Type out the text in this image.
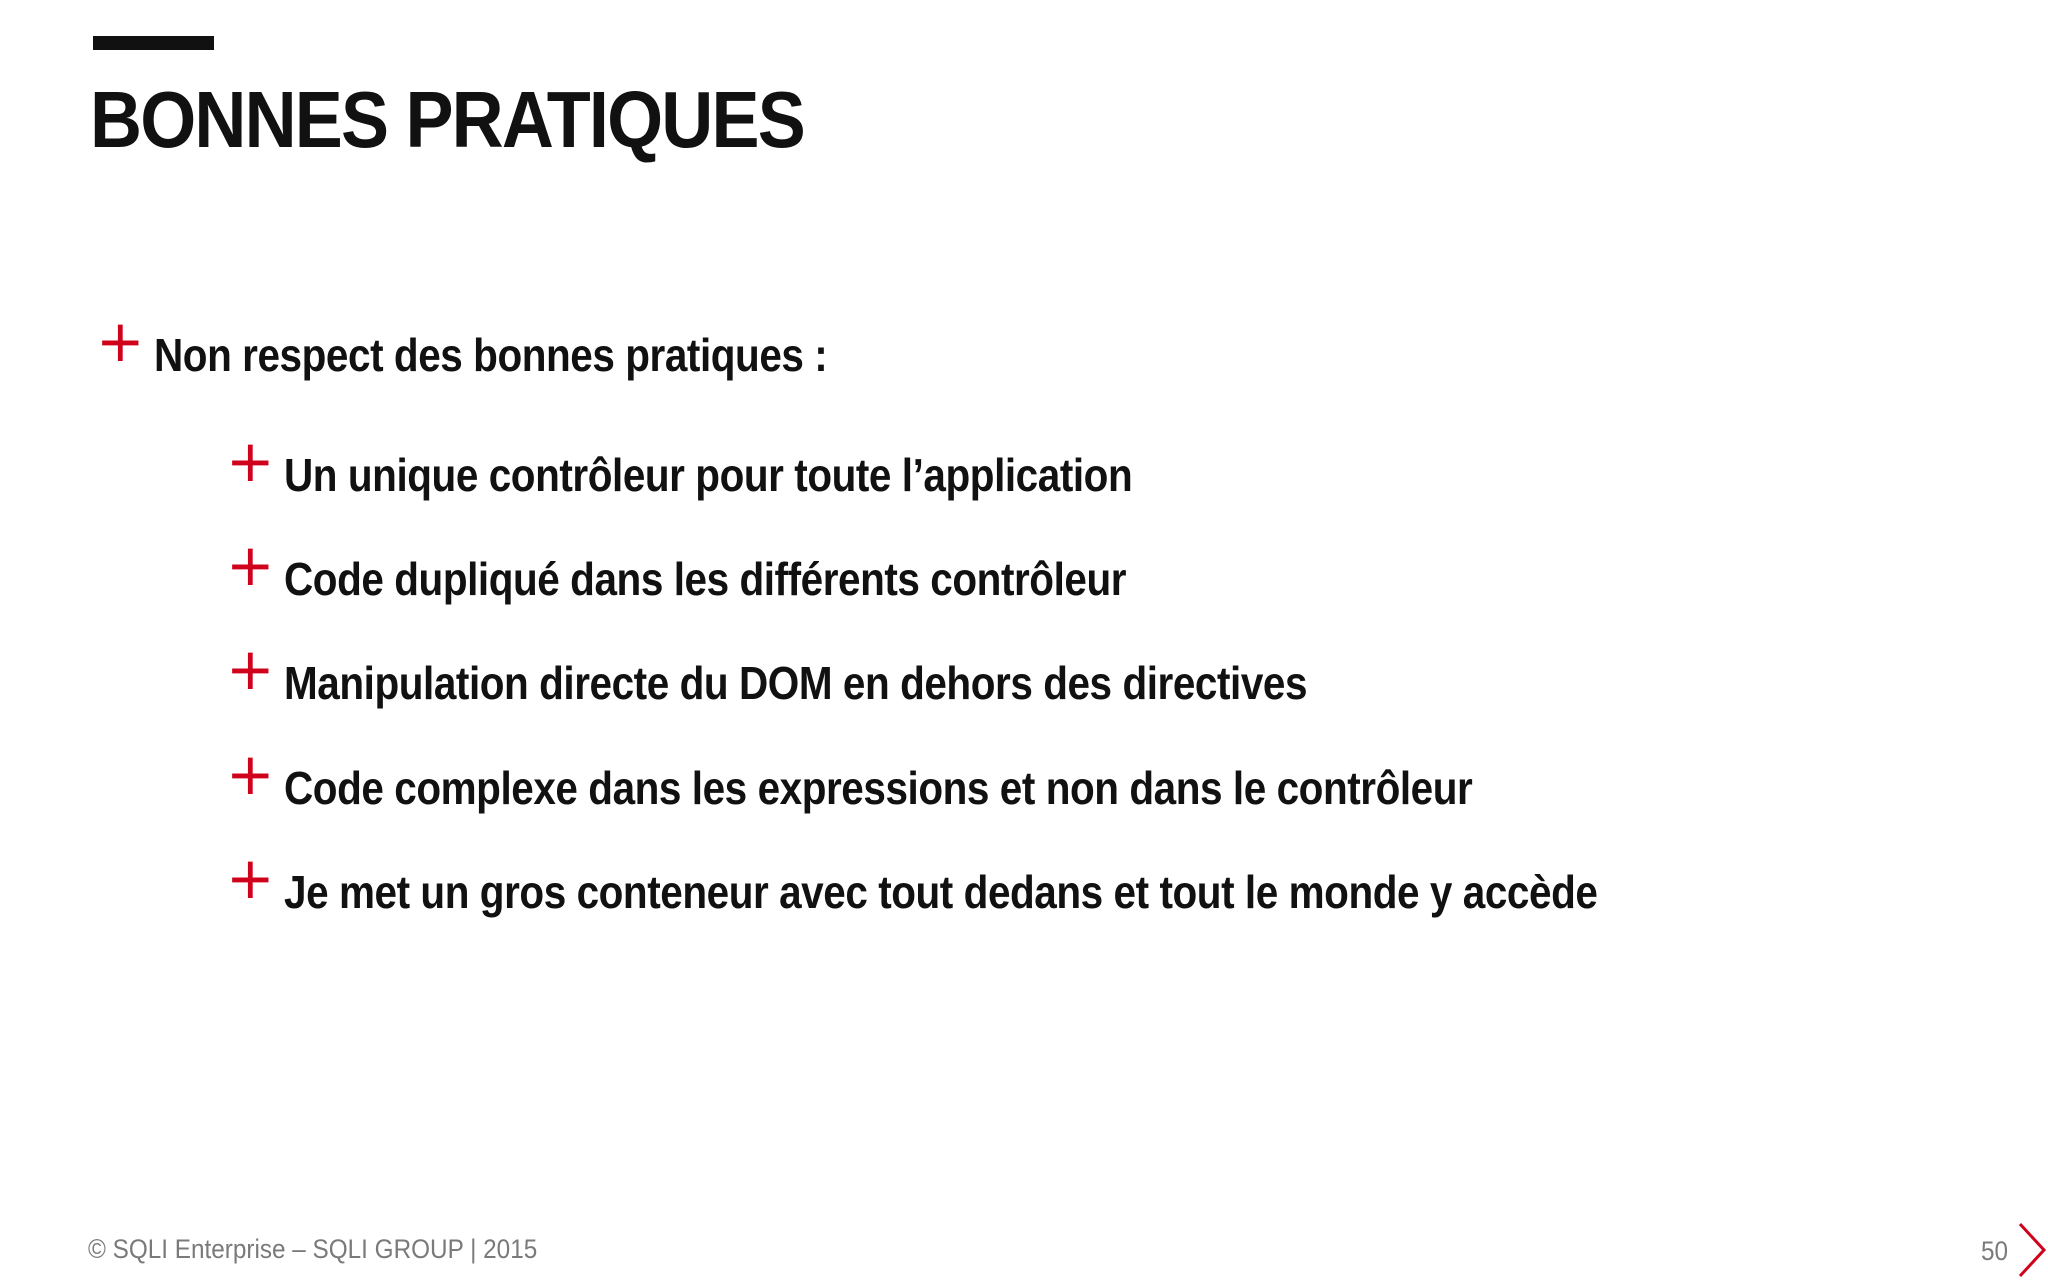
BONNES PRATIQUES
+ Non respect des bonnes pratiques :
+ Un unique contrôleur pour toute l’application
+ Code dupliqué dans les différents contrôleur
+ Manipulation directe du DOM en dehors des directives
+ Code complexe dans les expressions et non dans le contrôleur
+ Je met un gros conteneur avec tout dedans et tout le monde y accède
© SQLI Enterprise – SQLI GROUP | 2015	50
